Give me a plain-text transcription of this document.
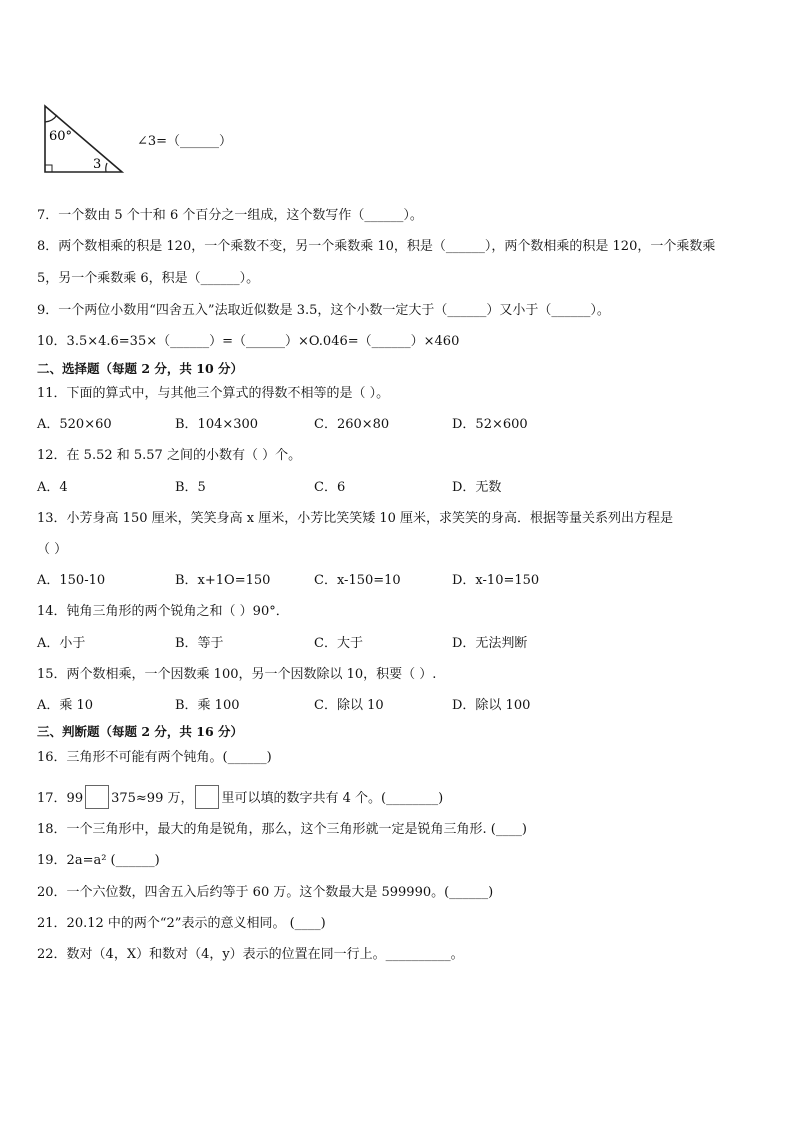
60°
3
∠3=（______）
7．一个数由 5 个十和 6 个百分之一组成，这个数写作（______）。
8．两个数相乘的积是 120，一个乘数不变，另一个乘数乘 10，积是（______），两个数相乘的积是 120，一个乘数乘
5，另一个乘数乘 6，积是（______）。
9．一个两位小数用“四舍五入”法取近似数是 3.5，这个小数一定大于（______）又小于（______）。
10．3.5×4.6=35×（______）=（______）×O.046=（______）×460
二、选择题（每题 2 分，共 10 分）
11．下面的算式中，与其他三个算式的得数不相等的是（ ）。
A．520×60	B．104×300	C．260×80	D．52×600
12．在 5.52 和 5.57 之间的小数有（ ）个。
A．4	B．5	C．6	D．无数
13．小芳身高 150 厘米，笑笑身高 x 厘米，小芳比笑笑矮 10 厘米，求笑笑的身高．根据等量关系列出方程是
（ ）
A．150-10	B．x+1O=150	C．x-150=10	D．x-10=150
14．钝角三角形的两个锐角之和（ ）90°．
A．小于	B．等于	C．大于	D．无法判断
15．两个数相乘，一个因数乘 100，另一个因数除以 10，积要（ ）.
A．乘 10	B．乘 100	C．除以 10	D．除以 100
三、判断题（每题 2 分，共 16 分）
16．三角形不可能有两个钝角。(______)
17．99 375≈99 万， 里可以填的数字共有 4 个。(________)
18．一个三角形中，最大的角是锐角，那么，这个三角形就一定是锐角三角形. (____)
19．2a=a² (______)
20．一个六位数，四舍五入后约等于 60 万。这个数最大是 599990。(______)
21．20.12 中的两个“2”表示的意义相同。 (____)
22．数对（4，X）和数对（4，y）表示的位置在同一行上。__________。
